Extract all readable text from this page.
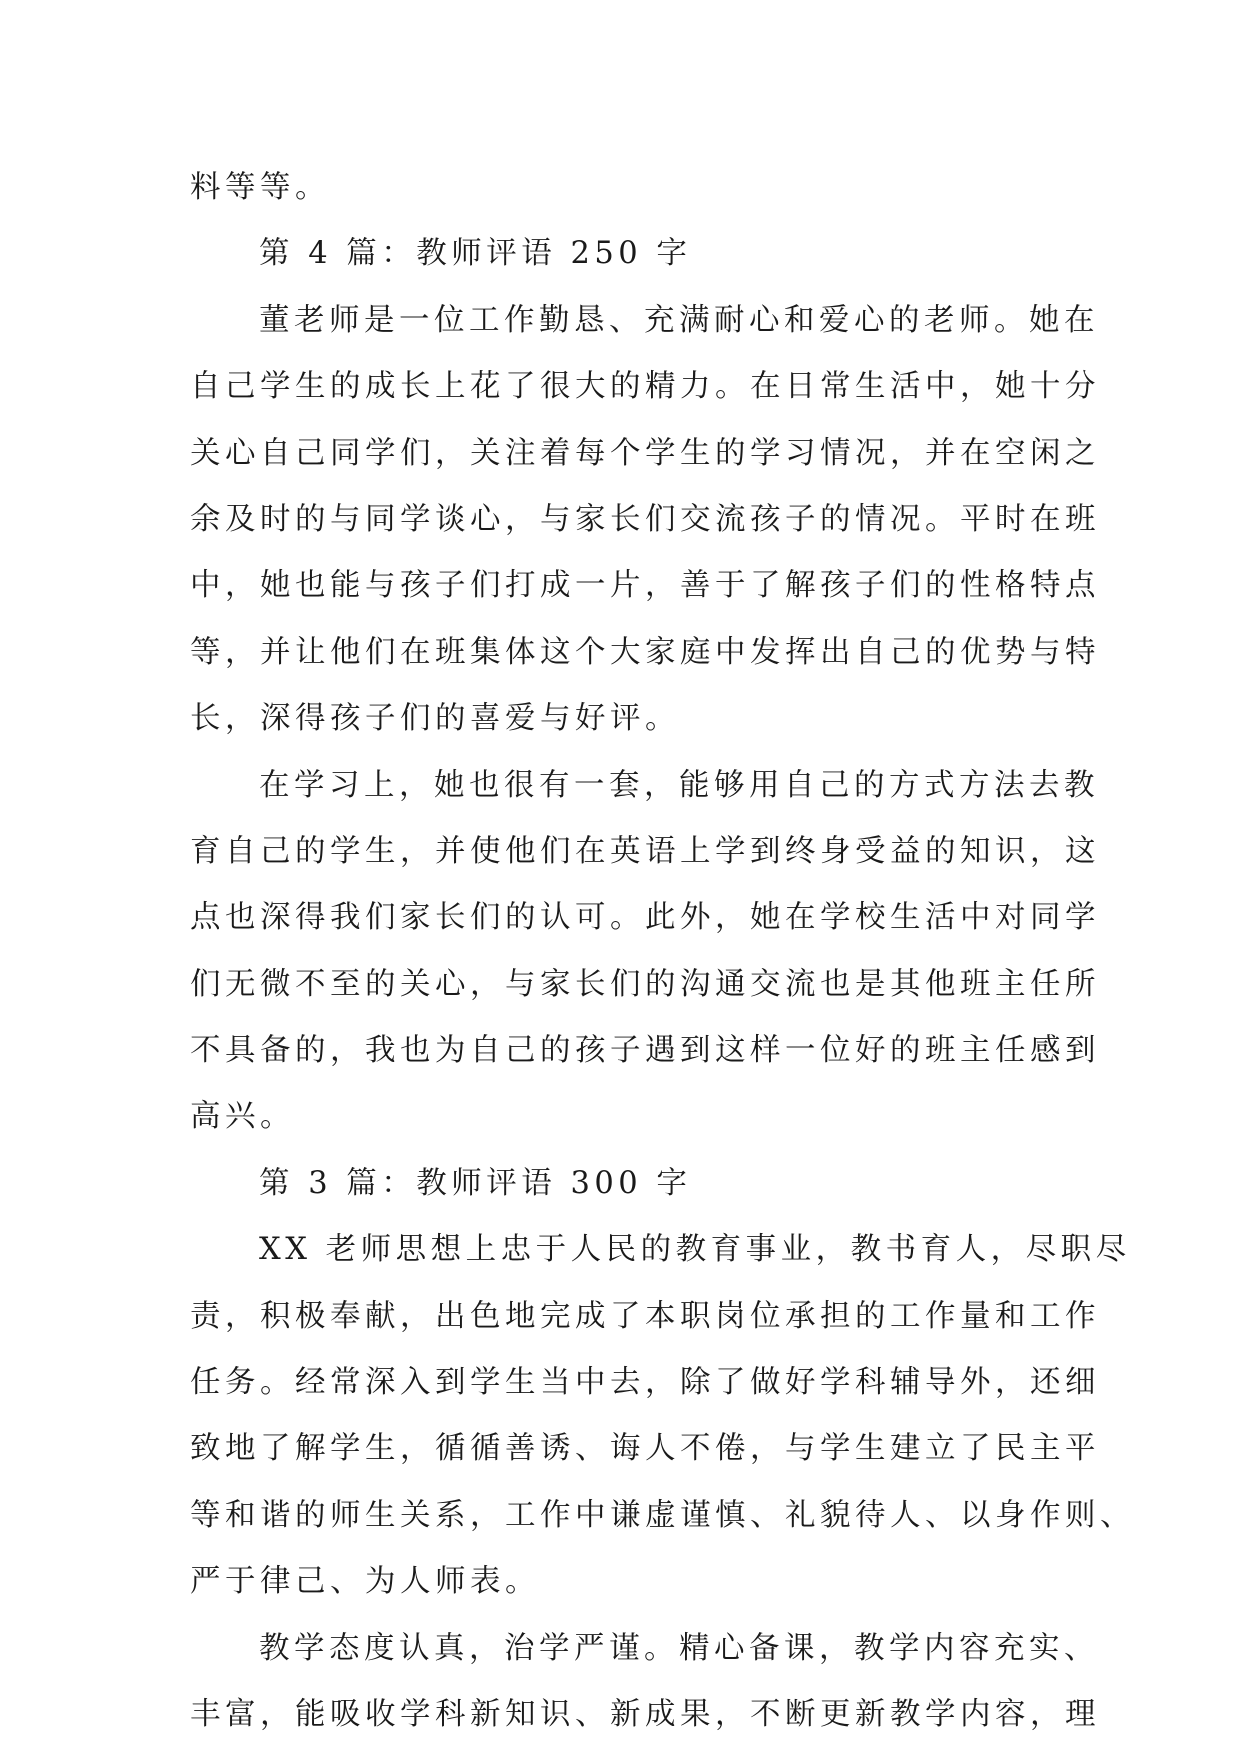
料等等。
第 4 篇：教师评语 250 字
董老师是一位工作勤恳、充满耐心和爱心的老师。她在
自己学生的成长上花了很大的精力。在日常生活中，她十分
关心自己同学们，关注着每个学生的学习情况，并在空闲之
余及时的与同学谈心，与家长们交流孩子的情况。平时在班
中，她也能与孩子们打成一片，善于了解孩子们的性格特点
等，并让他们在班集体这个大家庭中发挥出自己的优势与特
长，深得孩子们的喜爱与好评。
在学习上，她也很有一套，能够用自己的方式方法去教
育自己的学生，并使他们在英语上学到终身受益的知识，这
点也深得我们家长们的认可。此外，她在学校生活中对同学
们无微不至的关心，与家长们的沟通交流也是其他班主任所
不具备的，我也为自己的孩子遇到这样一位好的班主任感到
高兴。
第 3 篇：教师评语 300 字
XX 老师思想上忠于人民的教育事业，教书育人，尽职尽
责，积极奉献，出色地完成了本职岗位承担的工作量和工作
任务。经常深入到学生当中去，除了做好学科辅导外，还细
致地了解学生，循循善诱、诲人不倦，与学生建立了民主平
等和谐的师生关系，工作中谦虚谨慎、礼貌待人、以身作则、
严于律己、为人师表。
教学态度认真，治学严谨。精心备课，教学内容充实、
丰富，能吸收学科新知识、新成果，不断更新教学内容，理
